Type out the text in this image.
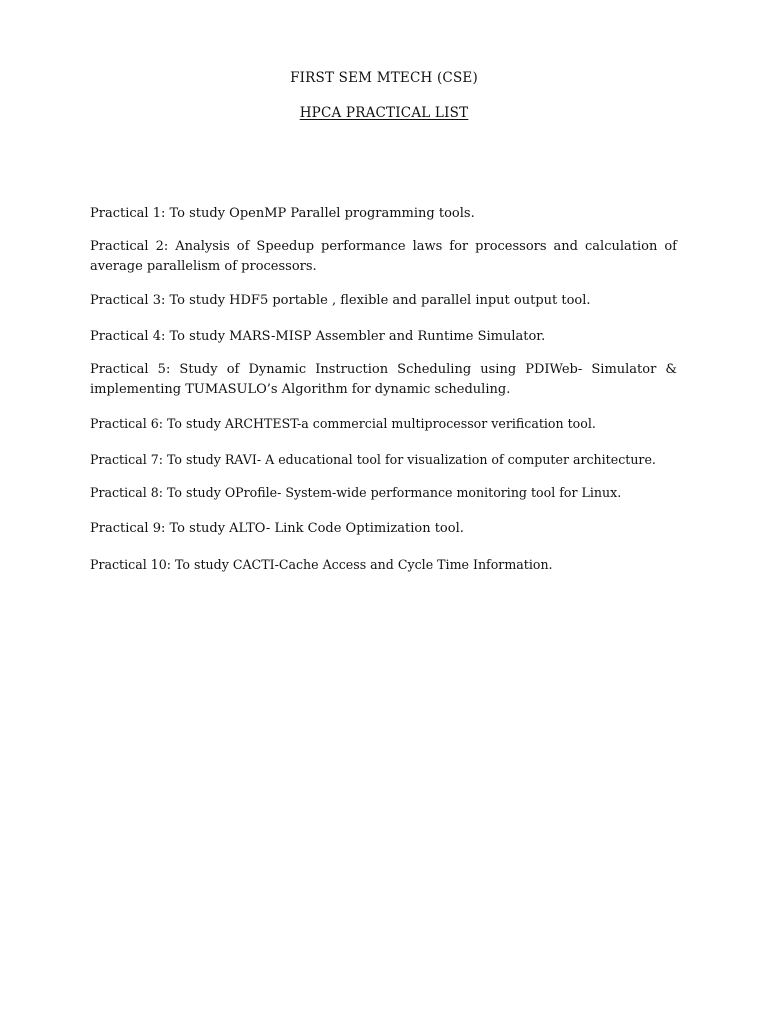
FIRST SEM MTECH (CSE)
HPCA PRACTICAL LIST
Practical 1: To study OpenMP Parallel programming tools.
Practical 2: Analysis of Speedup performance laws for processors and calculation of average parallelism of processors.
Practical 3: To study HDF5 portable , flexible and parallel input output tool.
Practical 4: To study MARS-MISP Assembler and Runtime Simulator.
Practical 5: Study of Dynamic Instruction Scheduling using PDIWeb- Simulator & implementing TUMASULO’s Algorithm for dynamic scheduling.
Practical 6: To study ARCHTEST-a commercial multiprocessor verification tool.
Practical 7: To study RAVI- A educational tool for visualization of computer architecture.
Practical 8: To study OProfile- System-wide performance monitoring tool for Linux.
Practical 9: To study ALTO- Link Code Optimization tool.
Practical 10: To study CACTI-Cache Access and Cycle Time Information.
